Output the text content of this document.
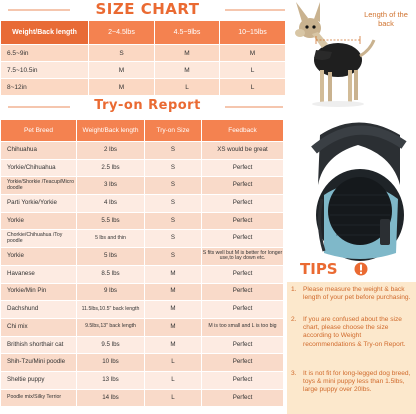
SIZE CHART
Weight/Back length	2~4.5lbs	4.5~9lbs	10~15lbs
6.5~9in	S	M	M
7.5~10.5in	M	M	L
8~12in	M	L	L
Try-on Report
Pet Breed	Weight/Back length	Try-on Size	Feedback
Chihuahua	2 lbs	S	XS would be great
Yorkie/Chihuahua	2.5 lbs	S	Perfect
Yorkie/Shorkie /Teacup/Micro doodle	3 lbs	S	Perfect
Parti Yorkie/Yorkie	4 lbs	S	Perfect
Yorkie	5.5 lbs	S	Perfect
Chorkie/Chihuahua /Toy poodle	5 lbs and thin	S	Perfect
Yorkie	5 lbs	S	S fits well but M is better for longer use,to lay down etc.
Havanese	8.5 lbs	M	Perfect
Yorkie/Min Pin	9 lbs	M	Perfect
Dachshund	11.5lbs,10.5" back length	M	Perfect
Chi mix	9.5lbs,13" back length	M	M is too small and L is too big
Brithish shorthair cat	9.5 lbs	M	Perfect
Shih-Tzu/Mini poodle	10 lbs	L	Perfect
Sheltie puppy	13 lbs	L	Perfect
Poodle mix/Silky Terrior	14 lbs	L	Perfect
Length of the back
TIPS
1. Please measure the weight & back length of your pet before purchasing.
2. If you are confused about the size chart, please choose the size according to Weight recommendations & Try-on Report.
3. It is not fit for long-legged dog breed, toys & mini puppy less than 1.5lbs, large puppy over 20lbs.
